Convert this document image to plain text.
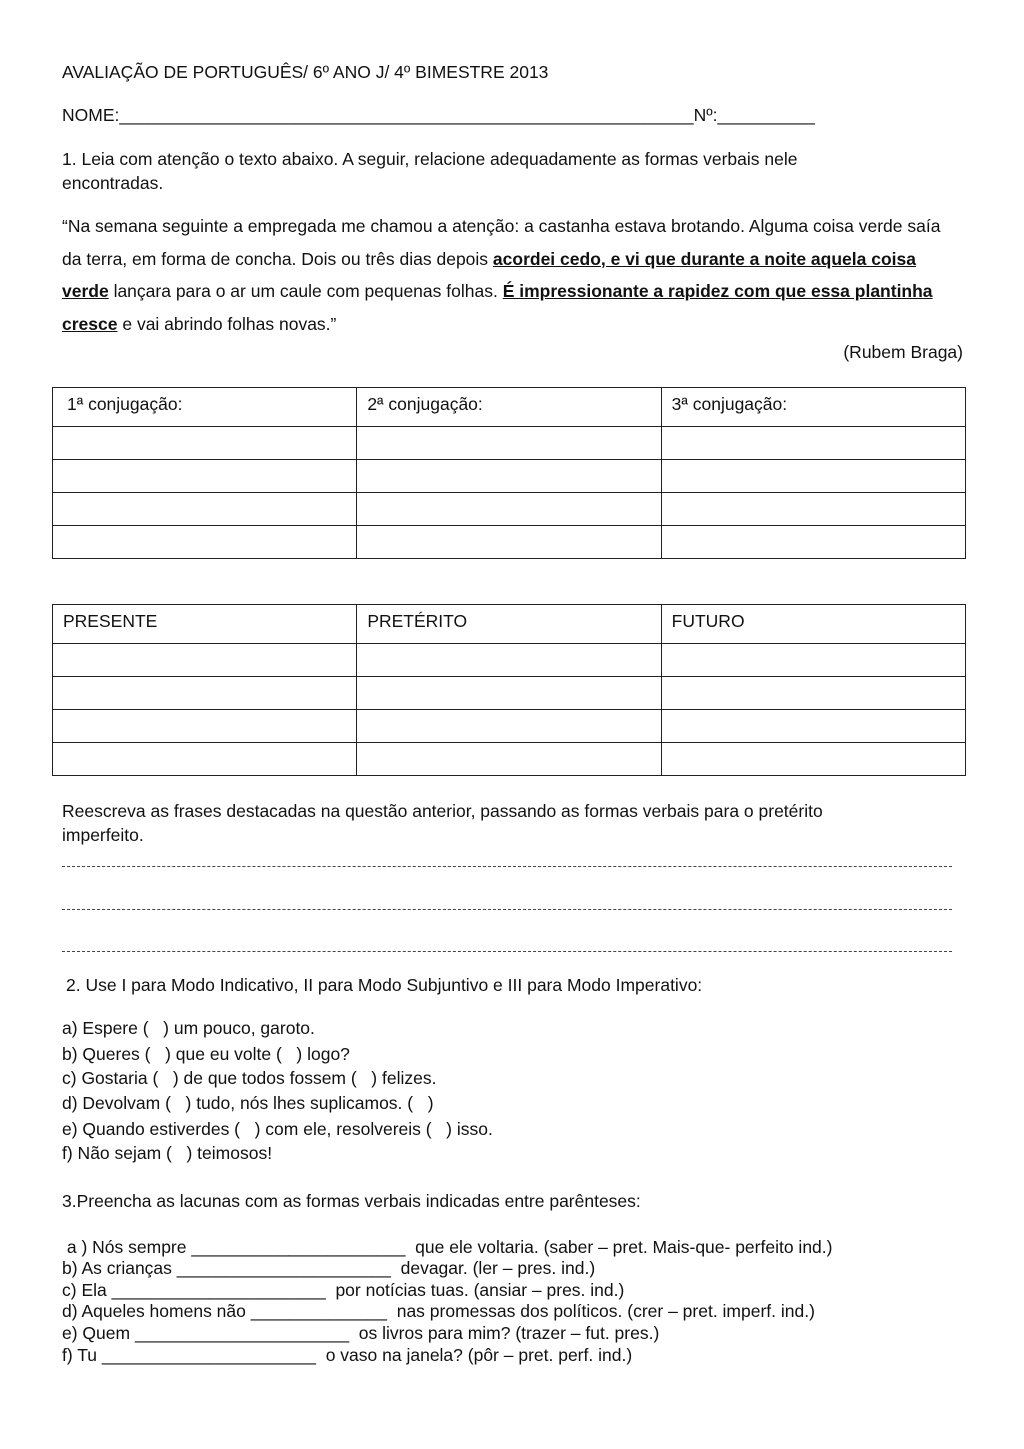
AVALIAÇÃO DE PORTUGUÊS/ 6º ANO J/ 4º BIMESTRE 2013
NOME:___________________________________________________________Nº:__________
1. Leia com atenção o texto abaixo. A seguir, relacione adequadamente as formas verbais nele encontradas.
“Na semana seguinte a empregada me chamou a atenção: a castanha estava brotando. Alguma coisa verde saía da terra, em forma de concha. Dois ou três dias depois acordei cedo, e vi que durante a noite aquela coisa verde lançara para o ar um caule com pequenas folhas. É impressionante a rapidez com que essa plantinha cresce e vai abrindo folhas novas.”
(Rubem Braga)
1ª conjugação:	2ª conjugação:	3ª conjugação:

PRESENTE	PRETÉRITO	FUTURO

Reescreva as frases destacadas na questão anterior, passando as formas verbais para o pretérito imperfeito.
2. Use I para Modo Indicativo, II para Modo Subjuntivo e III para Modo Imperativo:
a) Espere (   ) um pouco, garoto.
b) Queres (   ) que eu volte (   ) logo?
c) Gostaria (   ) de que todos fossem (   ) felizes.
d) Devolvam (   ) tudo, nós lhes suplicamos. (   )
e) Quando estiverdes (   ) com ele, resolvereis (   ) isso.
f) Não sejam (   ) teimosos!
3.Preencha as lacunas com as formas verbais indicadas entre parênteses:
a ) Nós sempre ______________________  que ele voltaria. (saber – pret. Mais-que- perfeito ind.)
b) As crianças ______________________  devagar. (ler – pres. ind.)
c) Ela ______________________  por notícias tuas. (ansiar – pres. ind.)
d) Aqueles homens não ______________  nas promessas dos políticos. (crer – pret. imperf. ind.)
e) Quem ______________________  os livros para mim? (trazer – fut. pres.)
f) Tu ______________________  o vaso na janela? (pôr – pret. perf. ind.)
